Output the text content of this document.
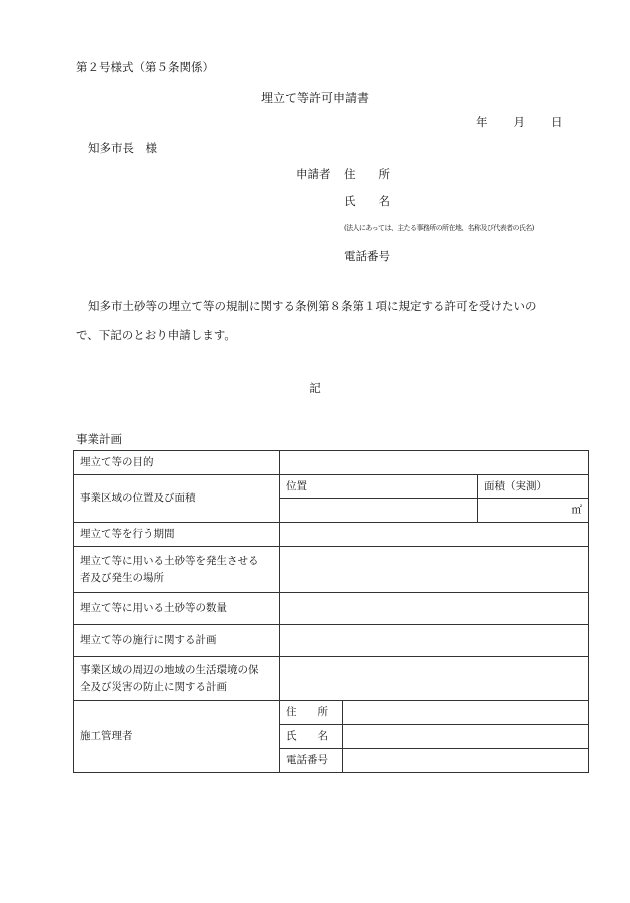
第２号様式（第５条関係）
埋立て等許可申請書
年 月 日
知多市長　様
申請者 住　　所
氏　　名
(法人にあっては、主たる事務所の所在地、名称及び代表者の氏名)
電話番号
知多市土砂等の埋立て等の規制に関する条例第８条第１項に規定する許可を受けたいの
で、下記のとおり申請します。
記
事業計画
埋立て等の目的			
事業区域の位置及び面積	位置		面積（実測）
			㎡
埋立て等を行う期間			
埋立て等に用いる土砂等を発生させる
者及び発生の場所			
埋立て等に用いる土砂等の数量			
埋立て等の施行に関する計画			
事業区域の周辺の地域の生活環境の保
全及び災害の防止に関する計画			
施工管理者	住　　所		
	氏　　名		
	電話番号		
